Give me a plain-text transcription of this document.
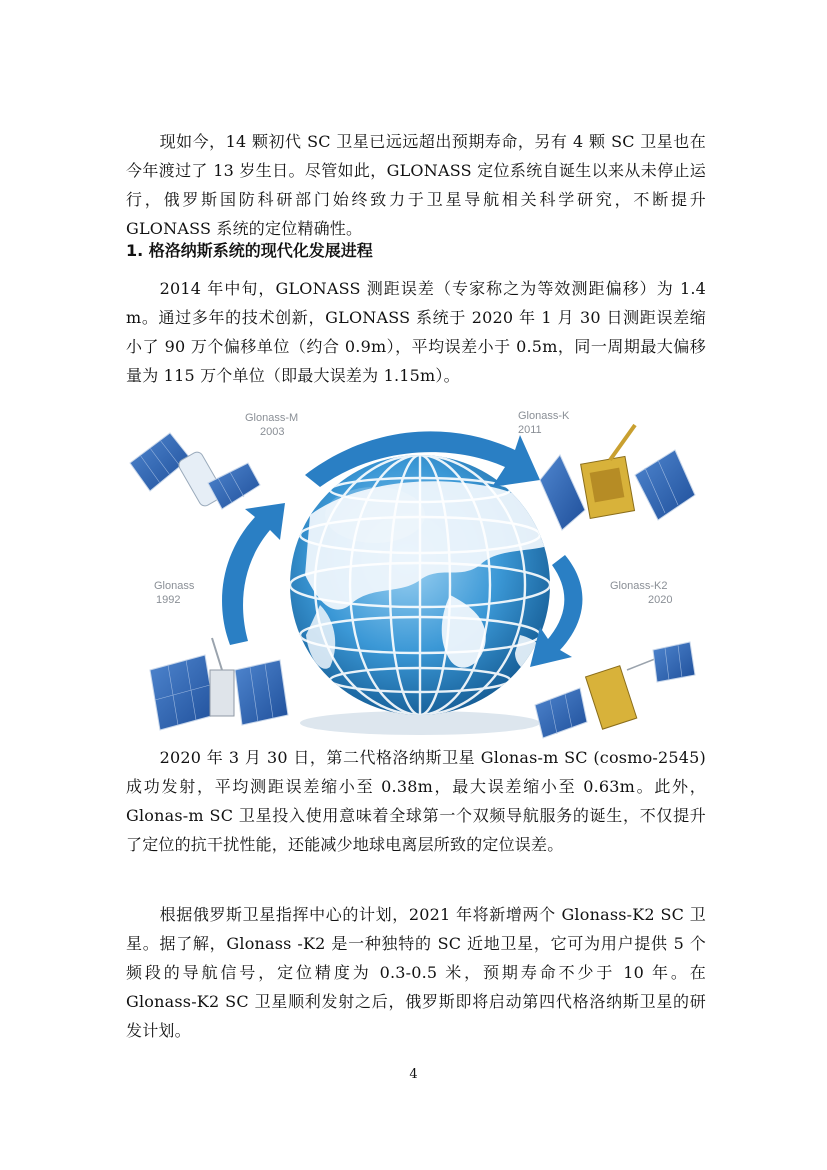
现如今，14 颗初代 SC 卫星已远远超出预期寿命，另有 4 颗 SC 卫星也在今年渡过了 13 岁生日。尽管如此，GLONASS 定位系统自诞生以来从未停止运行，俄罗斯国防科研部门始终致力于卫星导航相关科学研究，不断提升 GLONASS 系统的定位精确性。

1. 格洛纳斯系统的现代化发展进程

2014 年中旬，GLONASS 测距误差（专家称之为等效测距偏移）为 1.4 m。通过多年的技术创新，GLONASS 系统于 2020 年 1 月 30 日测距误差缩小了 90 万个偏移单位（约合 0.9m），平均误差小于 0.5m，同一周期最大偏移量为 115 万个单位（即最大误差为 1.15m）。

Glonass-M
2003
Glonass-K
2011
Glonass
1992
Glonass-K2
2020

2020 年 3 月 30 日，第二代格洛纳斯卫星 Glonas-m SC (cosmo-2545)成功发射，平均测距误差缩小至 0.38m，最大误差缩小至 0.63m。此外，Glonas-m SC 卫星投入使用意味着全球第一个双频导航服务的诞生，不仅提升了定位的抗干扰性能，还能减少地球电离层所致的定位误差。

根据俄罗斯卫星指挥中心的计划，2021 年将新增两个 Glonass-K2 SC 卫星。据了解，Glonass -K2 是一种独特的 SC 近地卫星，它可为用户提供 5 个频段的导航信号，定位精度为 0.3-0.5 米，预期寿命不少于 10 年。在 Glonass-K2 SC 卫星顺利发射之后，俄罗斯即将启动第四代格洛纳斯卫星的研发计划。

4
